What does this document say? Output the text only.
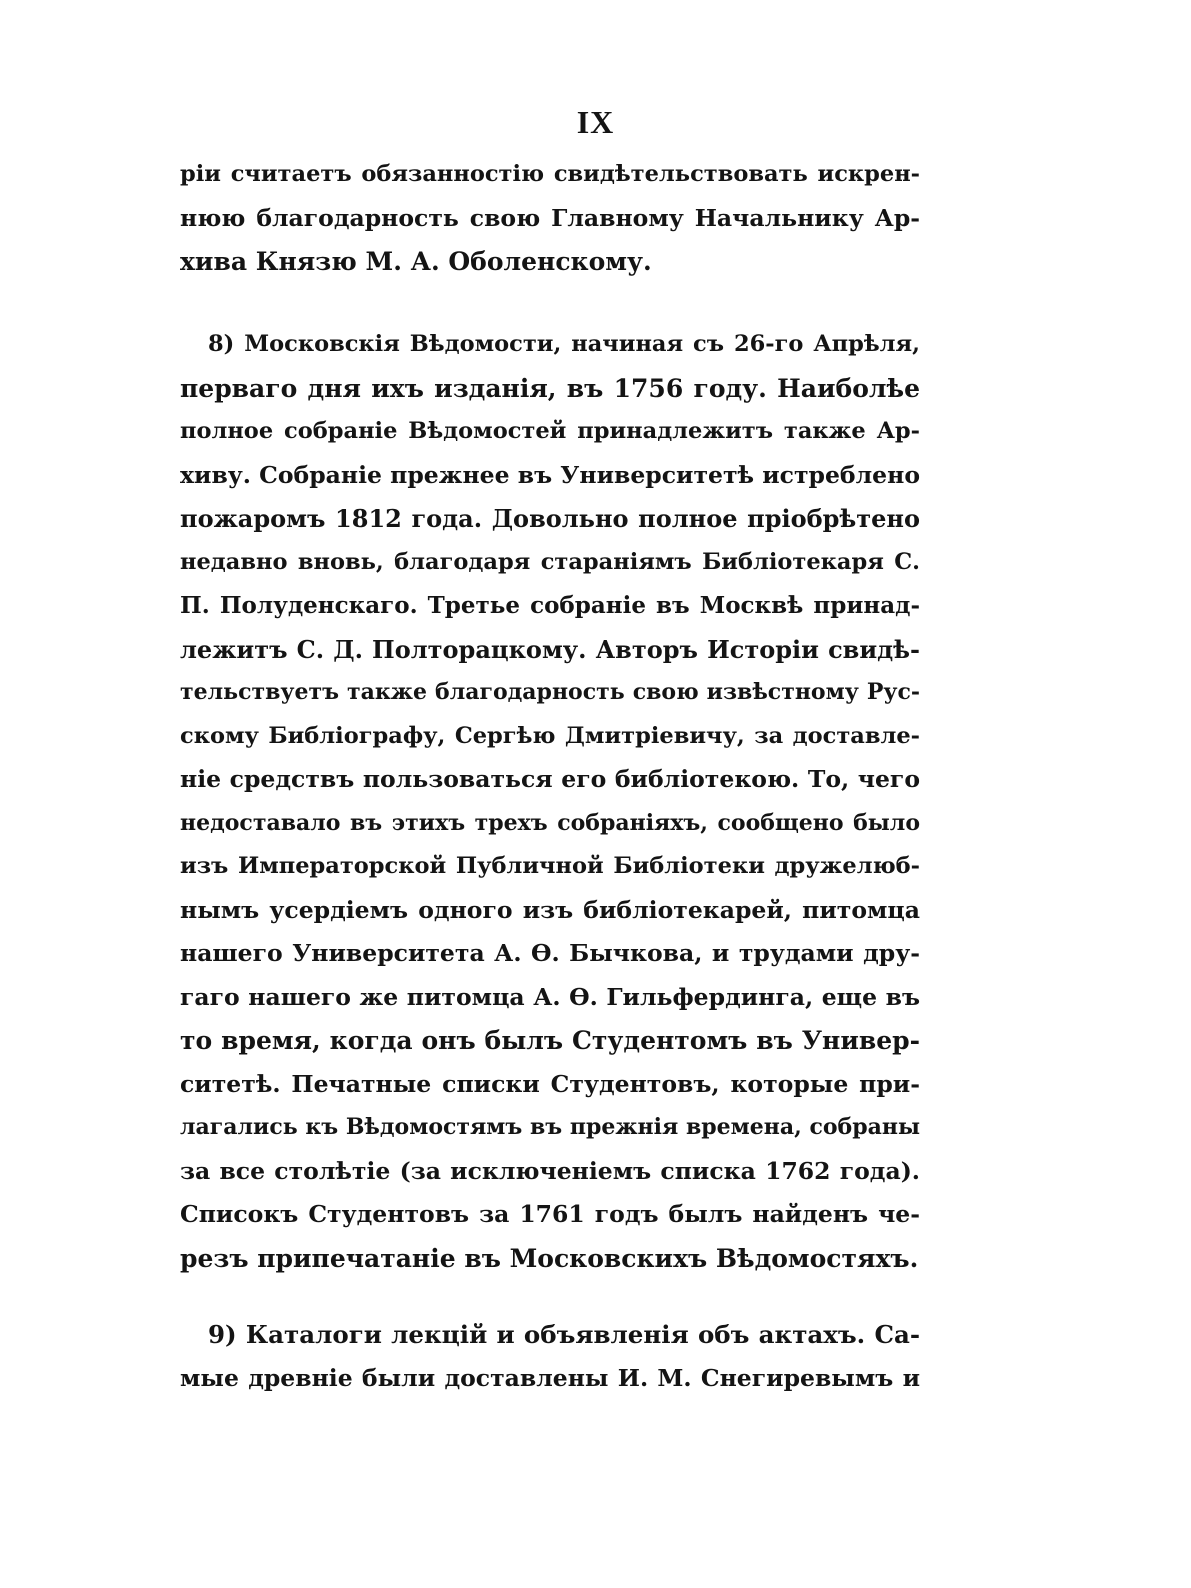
IX
ріи считаетъ обязанностію свидѣтельствовать искрен-
нюю благодарность свою Главному Начальнику Ар-
хива Князю М. А. Оболенскому.
8) Московскія Вѣдомости, начиная съ 26-го Апрѣля,
перваго дня ихъ изданія, въ 1756 году. Наиболѣе
полное собраніе Вѣдомостей принадлежитъ также Ар-
хиву. Собраніе прежнее въ Университетѣ истреблено
пожаромъ 1812 года. Довольно полное пріобрѣтено
недавно вновь, благодаря стараніямъ Библіотекаря С.
П. Полуденскаго. Третье собраніе въ Москвѣ принад-
лежитъ С. Д. Полторацкому. Авторъ Исторіи свидѣ-
тельствуетъ также благодарность свою извѣстному Рус-
скому Библіографу, Сергѣю Дмитріевичу, за доставле-
ніе средствъ пользоваться его библіотекою. То, чего
недоставало въ этихъ трехъ собраніяхъ, сообщено было
изъ Императорской Публичной Библіотеки дружелюб-
нымъ усердіемъ одного изъ библіотекарей, питомца
нашего Университета А. Ѳ. Бычкова, и трудами дру-
гаго нашего же питомца А. Ѳ. Гильфердинга, еще въ
то время, когда онъ былъ Студентомъ въ Универ-
ситетѣ. Печатные списки Студентовъ, которые при-
лагались къ Вѣдомостямъ въ прежнія времена, собраны
за все столѣтіе (за исключеніемъ списка 1762 года).
Списокъ Студентовъ за 1761 годъ былъ найденъ че-
резъ припечатаніе въ Московскихъ Вѣдомостяхъ.
9) Каталоги лекцій и объявленія объ актахъ. Са-
мые древніе были доставлены И. М. Снегиревымъ и
